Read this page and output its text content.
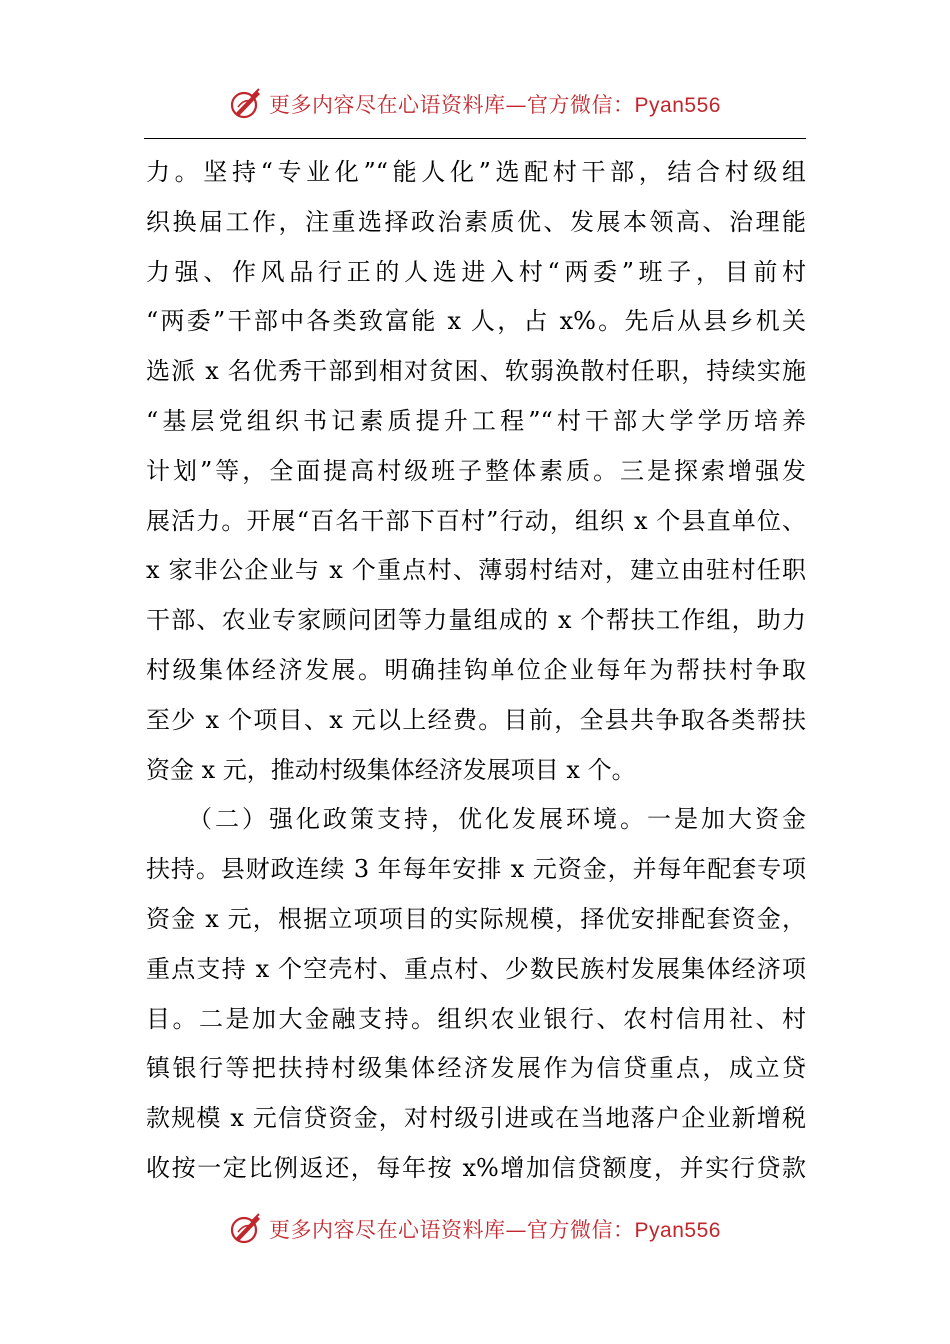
更多内容尽在心语资料库—官方微信：Pyan556
力。坚持“专业化”“能人化”选配村干部，结合村级组
织换届工作，注重选择政治素质优、发展本领高、治理能
力强、作风品行正的人选进入村“两委”班子，目前村
“两委”干部中各类致富能 x 人，占 x%。先后从县乡机关
选派 x 名优秀干部到相对贫困、软弱涣散村任职，持续实施
“基层党组织书记素质提升工程”“村干部大学学历培养
计划”等，全面提高村级班子整体素质。三是探索增强发
展活力。开展“百名干部下百村”行动，组织 x 个县直单位、
x 家非公企业与 x 个重点村、薄弱村结对，建立由驻村任职
干部、农业专家顾问团等力量组成的 x 个帮扶工作组，助力
村级集体经济发展。明确挂钩单位企业每年为帮扶村争取
至少 x 个项目、x 元以上经费。目前，全县共争取各类帮扶
资金 x 元，推动村级集体经济发展项目 x 个。
　　（二）强化政策支持，优化发展环境。一是加大资金
扶持。县财政连续 3 年每年安排 x 元资金，并每年配套专项
资金 x 元，根据立项项目的实际规模，择优安排配套资金，
重点支持 x 个空壳村、重点村、少数民族村发展集体经济项
目。二是加大金融支持。组织农业银行、农村信用社、村
镇银行等把扶持村级集体经济发展作为信贷重点，成立贷
款规模 x 元信贷资金，对村级引进或在当地落户企业新增税
收按一定比例返还，每年按 x%增加信贷额度，并实行贷款
更多内容尽在心语资料库—官方微信：Pyan556
